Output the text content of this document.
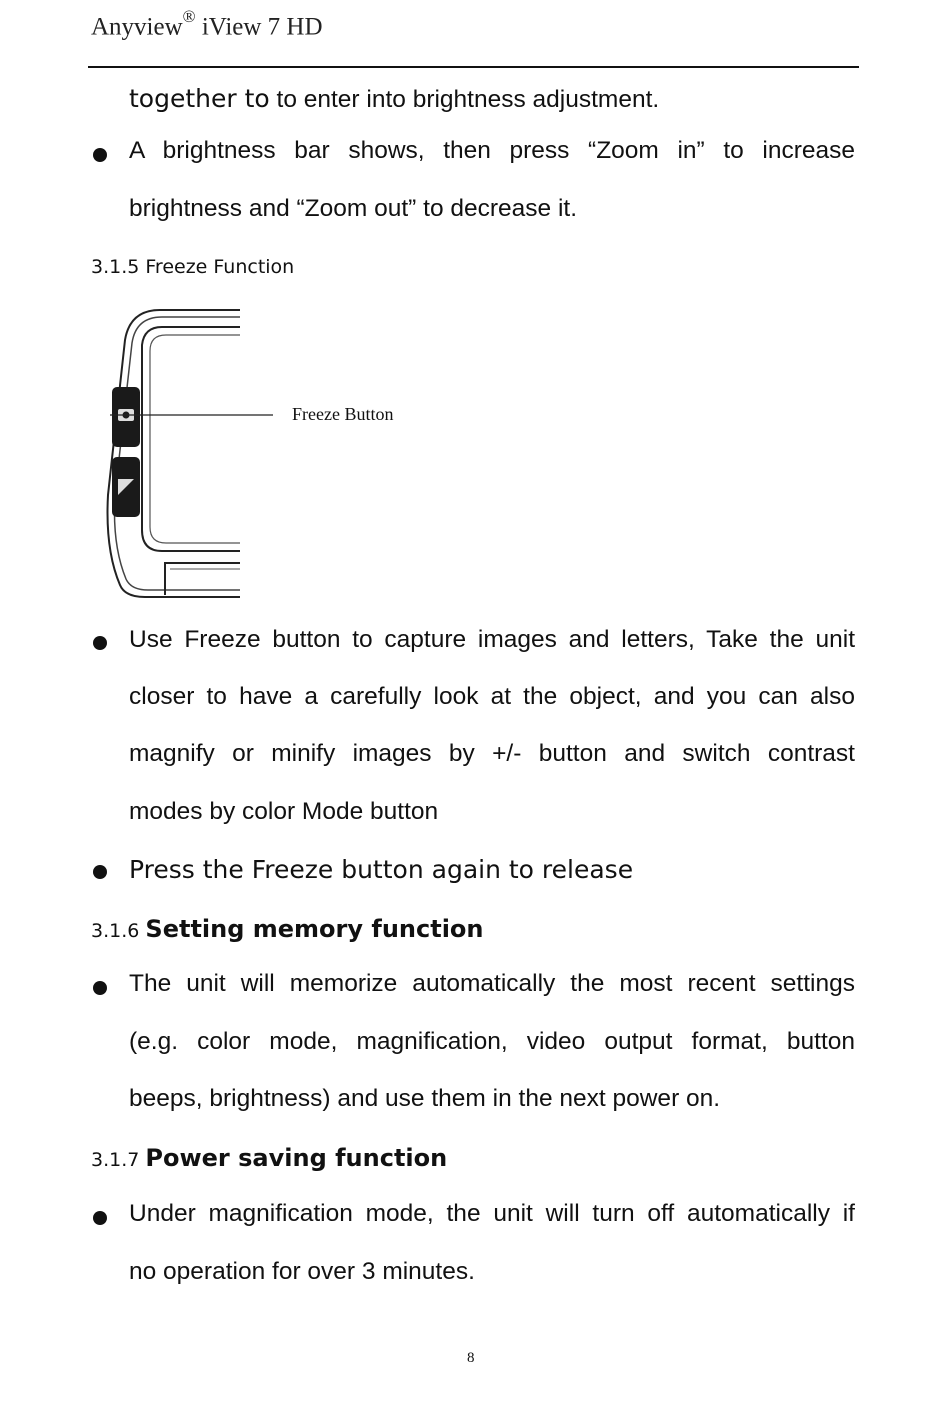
Anyview® iView 7 HD
together to to enter into brightness adjustment.
A brightness bar shows, then press “Zoom in” to increase
brightness and “Zoom out” to decrease it.
3.1.5 Freeze Function
Freeze Button
Use Freeze button to capture images and letters, Take the unit
closer to have a carefully look at the object, and you can also
magnify or minify images by +/- button and switch contrast
modes by color Mode button
Press the Freeze button again to release
3.1.6 Setting memory function
The unit will memorize automatically the most recent settings
(e.g. color mode, magnification, video output format, button
beeps, brightness) and use them in the next power on.
3.1.7 Power saving function
Under magnification mode, the unit will turn off automatically if
no operation for over 3 minutes.
8
